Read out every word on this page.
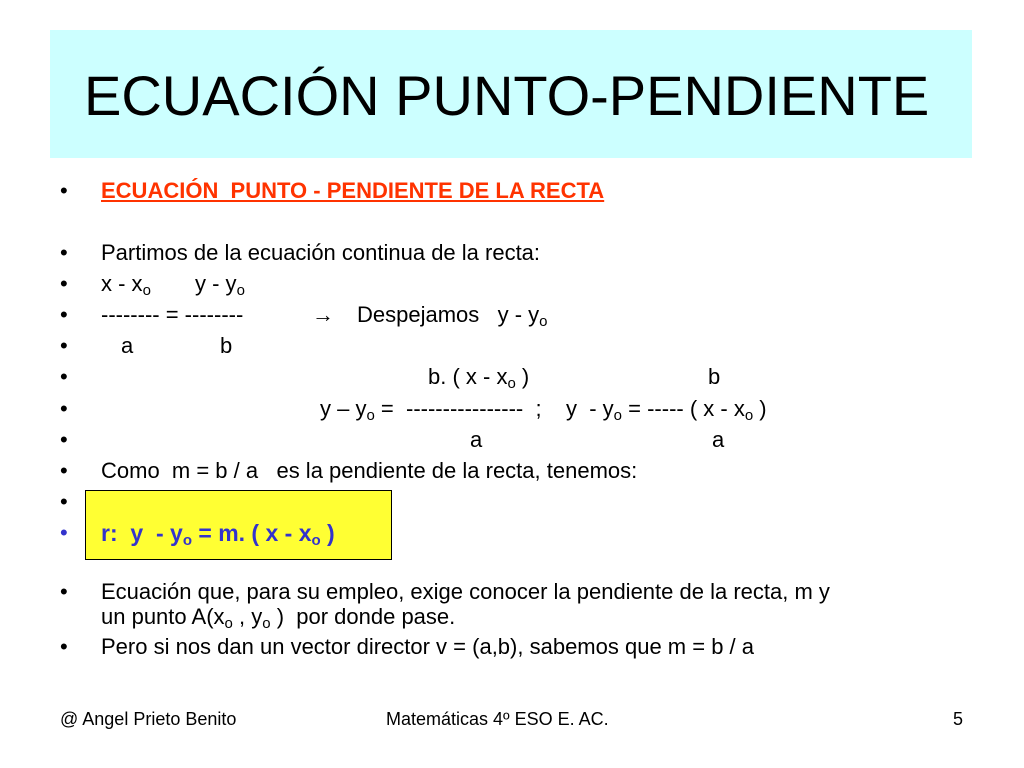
ECUACIÓN PUNTO-PENDIENTE
• ECUACIÓN  PUNTO - PENDIENTE DE LA RECTA
• Partimos de la ecuación continua de la recta:
• x - $x_o$ y - $y_o$
• -------- = --------	→ Despejamos   y - $y_o$
• a	b
•	b. ( x - $x_o$ )	b
•	y – $y_o$ =  ----------------  ;    y  - $y_o$ = ----- ( x - $x_o$ )
•	a	a
• Como  m = b / a   es la pendiente de la recta, tenemos:
•
• r:  $y - y_o = m$. ( x - $x_o$ )
• Ecuación que, para su empleo, exige conocer la pendiente de la recta, m y
un punto $A(x_o$ , $y_o$ )  por donde pase.
• Pero si nos dan un vector director v = (a,b), sabemos que m = b / a
@ Angel Prieto Benito	Matemáticas 4º ESO E. AC.	5
